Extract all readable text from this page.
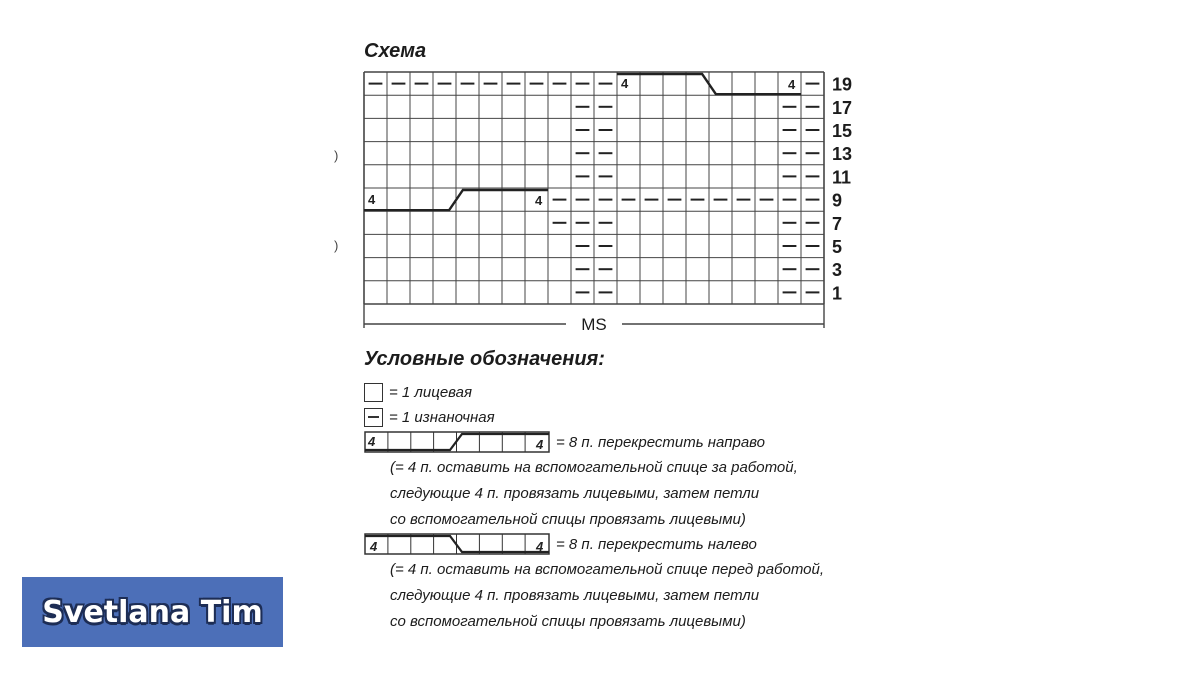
Схема
)
)
4	4
4	4
19
17
15
13
11
9
7
5
3
1
MS
Условные обозначения:
= 1 лицевая
= 1 изнаночная
4	4 = 8 п. перекрестить направо
(= 4 п. оставить на вспомогательной спице за работой,
следующие 4 п. провязать лицевыми, затем петли
со вспомогательной спицы провязать лицевыми)
4	4 = 8 п. перекрестить налево
(= 4 п. оставить на вспомогательной спице перед работой,
следующие 4 п. провязать лицевыми, затем петли
со вспомогательной спицы провязать лицевыми)
Svetlana Tim
